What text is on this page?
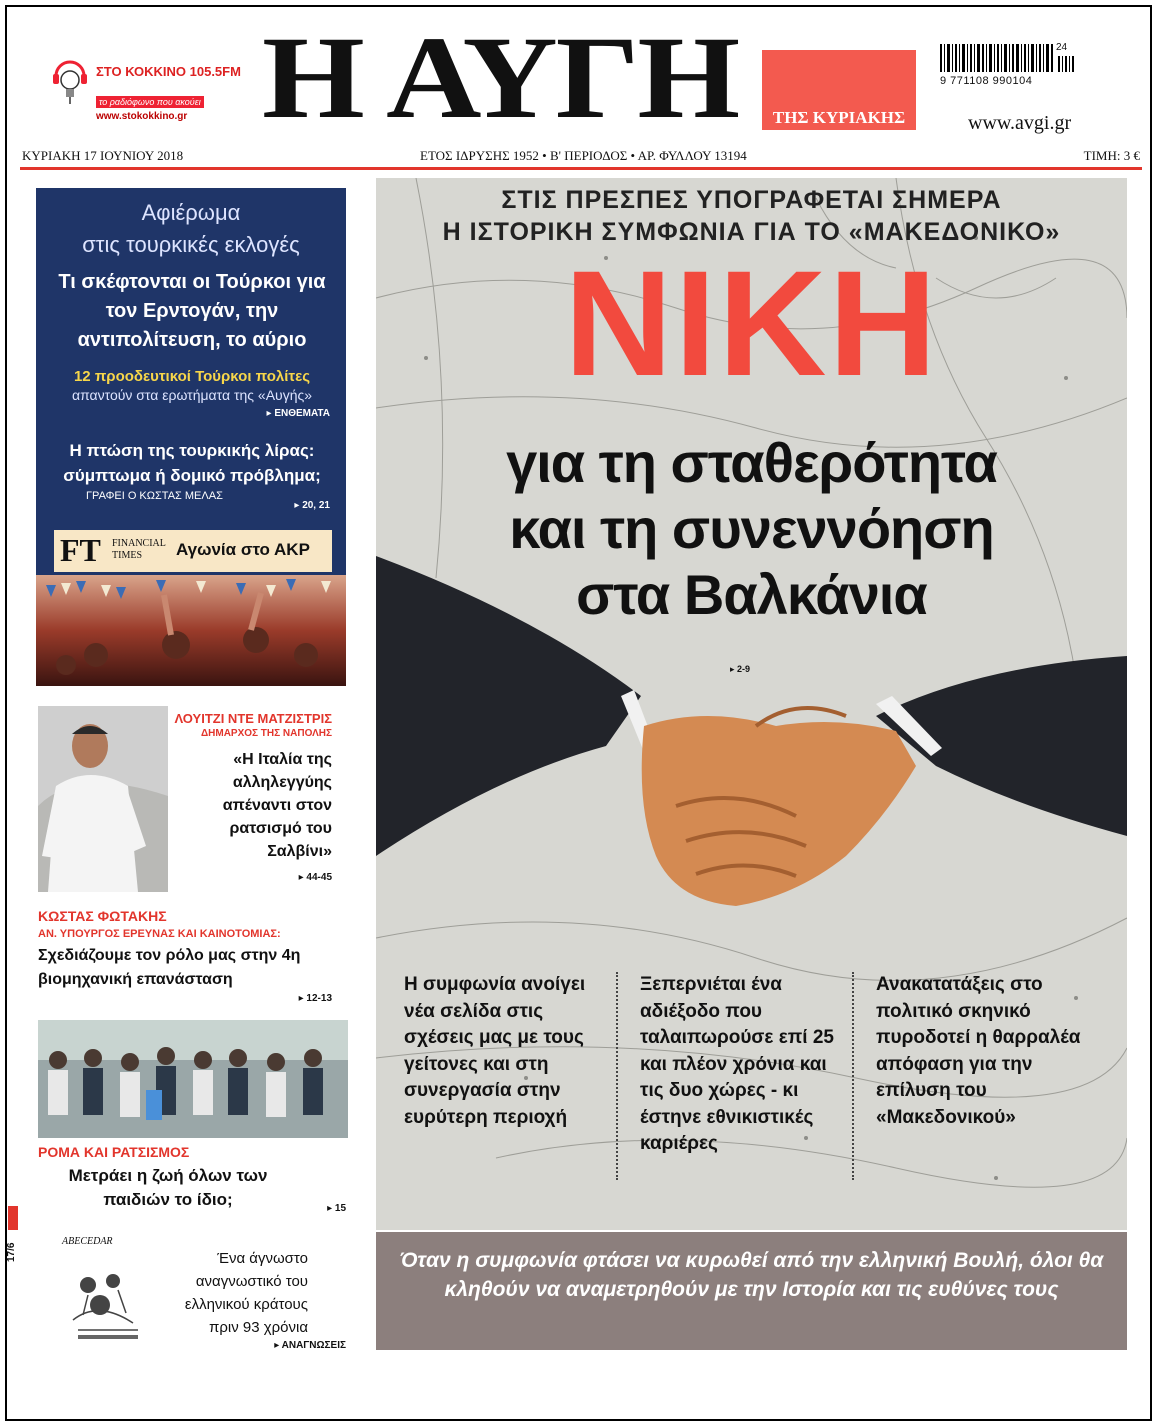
ΣΤΟ ΚΟΚΚΙΝΟ 105.5FM
το ραδιόφωνο που ακούει
www.stokokkino.gr Η ΑΥΓΗ	ΤΗΣ ΚΥΡΙΑΚΗΣ
9 771108 990104
24
www.avgi.gr
ΚΥΡΙΑΚΗ 17 ΙΟΥΝΙΟΥ 2018	ΕΤΟΣ ΙΔΡΥΣΗΣ 1952 • Β' ΠΕΡΙΟΔΟΣ • ΑΡ. ΦΥΛΛΟΥ 13194	ΤΙΜΗ: 3 €
Αφιέρωμα
στις τουρκικές εκλογές
Τι σκέφτονται οι Τούρκοι για τον Ερντογάν, την αντιπολίτευση, το αύριο
12 προοδευτικοί Τούρκοι πολίτες
απαντούν στα ερωτήματα της «Αυγής»
▸ ΕΝΘΕΜΑΤΑ
Η πτώση της τουρκικής λίρας: σύμπτωμα ή δομικό πρόβλημα;
ΓΡΑΦΕΙ Ο ΚΩΣΤΑΣ ΜΕΛΑΣ
▸ 20, 21
FT FINANCIAL TIMES	Αγωνία στο ΑΚΡ
ΛΟΥΙΤΖΙ ΝΤΕ ΜΑΤΖΙΣΤΡΙΣ
ΔΗΜΑΡΧΟΣ ΤΗΣ ΝΑΠΟΛΗΣ
«Η Ιταλία της αλληλεγγύης απέναντι στον ρατσισμό του Σαλβίνι»
▸ 44-45
ΚΩΣΤΑΣ ΦΩΤΑΚΗΣ
ΑΝ. ΥΠΟΥΡΓΟΣ ΕΡΕΥΝΑΣ ΚΑΙ ΚΑΙΝΟΤΟΜΙΑΣ:
Σχεδιάζουμε τον ρόλο μας στην 4η βιομηχανική επανάσταση
▸ 12-13
ΡΟΜΑ ΚΑΙ ΡΑΤΣΙΣΜΟΣ
Μετράει η ζωή όλων των παιδιών το ίδιο;	▸ 15
17/6
ABECEDAR
Ένα άγνωστο αναγνωστικό του ελληνικού κράτους πριν 93 χρόνια
▸ ΑΝΑΓΝΩΣΕΙΣ
ΣΤΙΣ ΠΡΕΣΠΕΣ ΥΠΟΓΡΑΦΕΤΑΙ ΣΗΜΕΡΑ
Η ΙΣΤΟΡΙΚΗ ΣΥΜΦΩΝΙΑ ΓΙΑ ΤΟ «ΜΑΚΕΔΟΝΙΚΟ»
ΝΙΚΗ
για τη σταθερότητα
και τη συνεννόηση
στα Βαλκάνια
▸ 2-9
Η συμφωνία ανοίγει νέα σελίδα στις σχέσεις μας με τους γείτονες και στη συνεργασία στην ευρύτερη περιοχή
Ξεπερνιέται ένα αδιέξοδο που ταλαιπωρούσε επί 25 και πλέον χρόνια και τις δυο χώρες - κι έστηνε εθνικιστικές καριέρες
Ανακατατάξεις στο πολιτικό σκηνικό πυροδοτεί η θαρραλέα απόφαση για την επίλυση του «Μακεδονικού»
Όταν η συμφωνία φτάσει να κυρωθεί από την ελληνική Βουλή, όλοι θα κληθούν να αναμετρηθούν με την Ιστορία και τις ευθύνες τους
